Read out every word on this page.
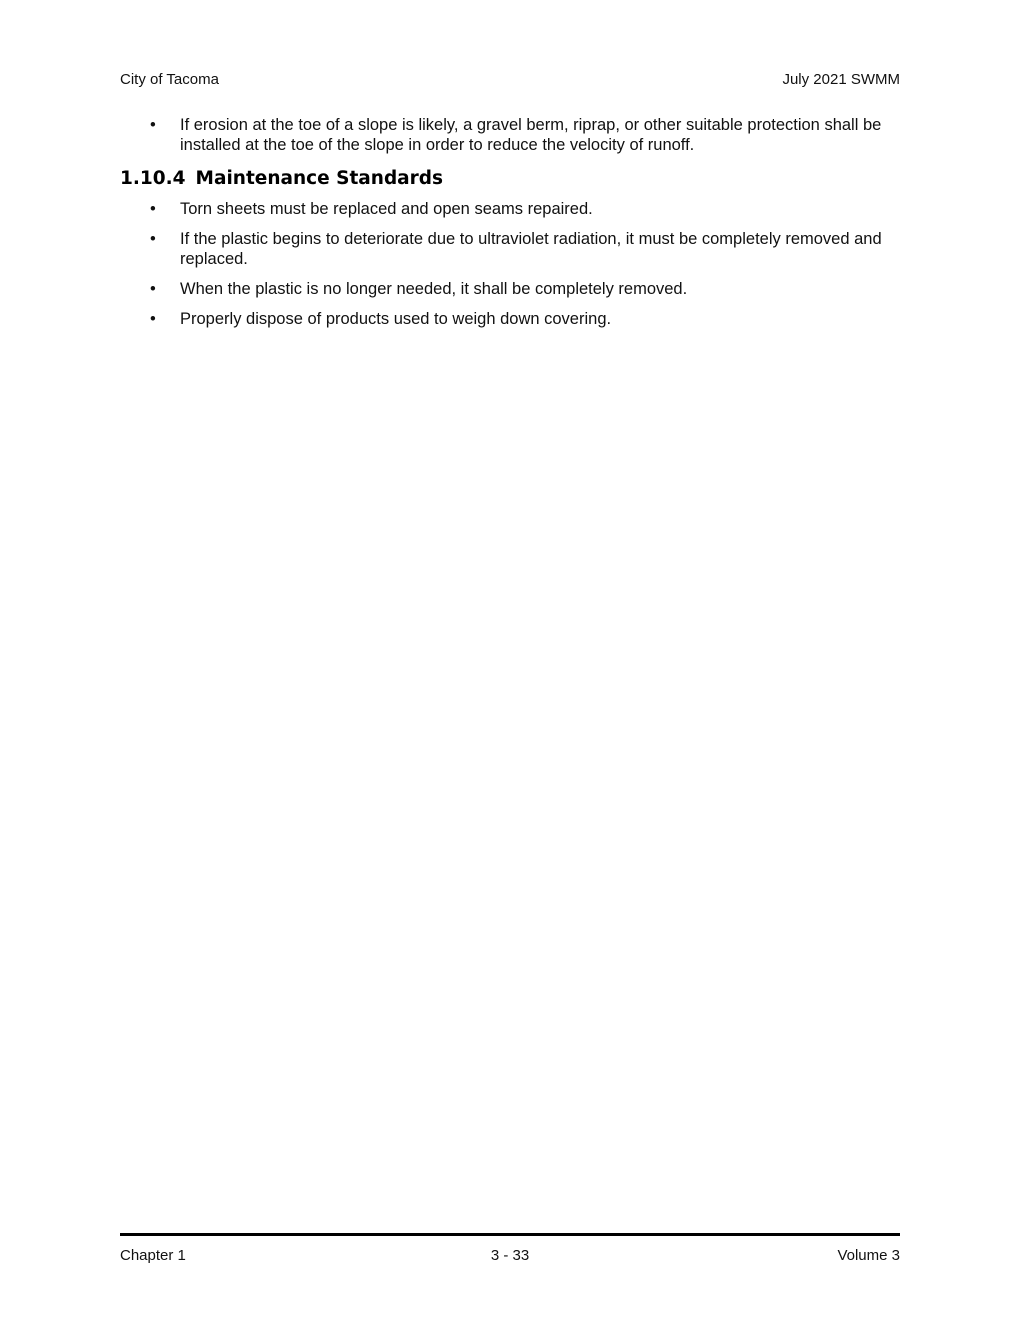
City of Tacoma	July 2021 SWMM
• If erosion at the toe of a slope is likely, a gravel berm, riprap, or other suitable protection shall be installed at the toe of the slope in order to reduce the velocity of runoff.
1.10.4 Maintenance Standards
• Torn sheets must be replaced and open seams repaired.
• If the plastic begins to deteriorate due to ultraviolet radiation, it must be completely removed and replaced.
• When the plastic is no longer needed, it shall be completely removed.
• Properly dispose of products used to weigh down covering.
Chapter 1	3 - 33	Volume 3
